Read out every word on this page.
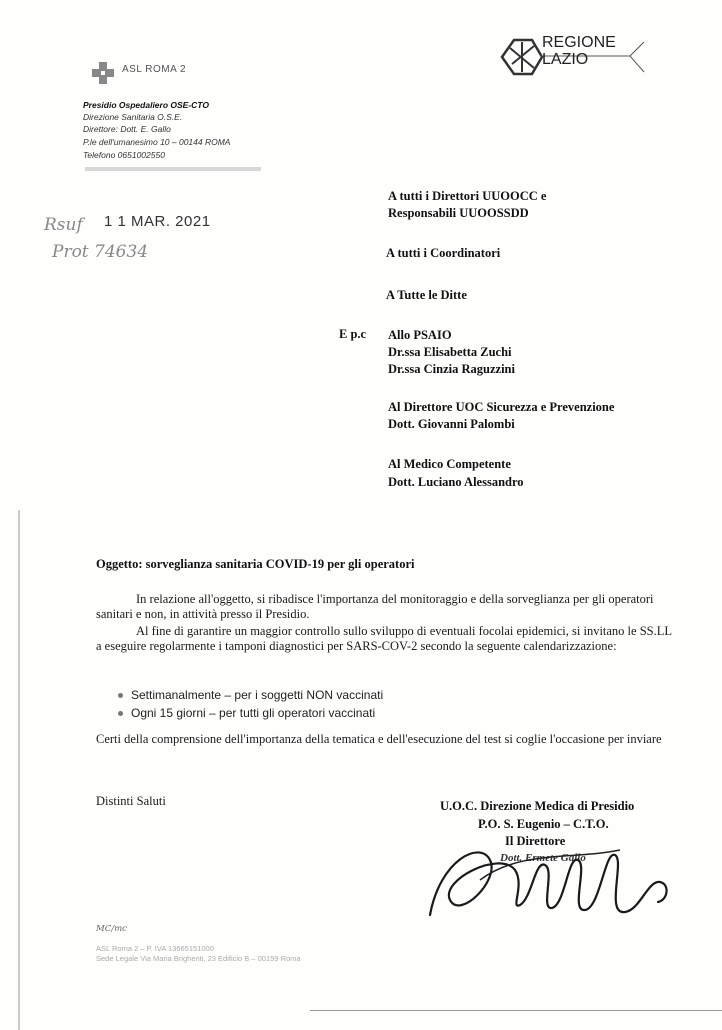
REGIONE
LAZIO
ASL ROMA 2
Presidio Ospedaliero OSE-CTO
Direzione Sanitaria O.S.E.
Direttore: Dott. E. Gallo
P.le dell'umanesimo 10 – 00144 ROMA
Telefono 0651002550
1 1 MAR. 2021
Rsuf
Prot 74634
A tutti i Direttori UUOOCC e
Responsabili UUOOSSDD
A tutti i Coordinatori
A Tutte le Ditte
E p.c Allo PSAIO
Dr.ssa Elisabetta Zuchi
Dr.ssa Cinzia Raguzzini
Al Direttore UOC Sicurezza e Prevenzione
Dott. Giovanni Palombi
Al Medico Competente
Dott. Luciano Alessandro
Oggetto: sorveglianza sanitaria COVID-19 per gli operatori
In relazione all'oggetto, si ribadisce l'importanza del monitoraggio e della sorveglianza per gli operatori sanitari e non, in attività presso il Presidio.
Al fine di garantire un maggior controllo sullo sviluppo di eventuali focolai epidemici, si invitano le SS.LL a eseguire regolarmente i tamponi diagnostici per SARS-COV-2 secondo la seguente calendarizzazione:
Settimanalmente – per i soggetti NON vaccinati
Ogni 15 giorni – per tutti gli operatori vaccinati
Certi della comprensione dell'importanza della tematica e dell'esecuzione del test si coglie l'occasione per inviare
Distinti Saluti	U.O.C. Direzione Medica di Presidio
P.O. S. Eugenio – C.T.O.
Il Direttore
Dott. Ermete Gallo
MC/mc
ASL Roma 2 – P. IVA 13665151000
Sede Legale Via Maria Brighenti, 23 Edificio B – 00159 Roma
